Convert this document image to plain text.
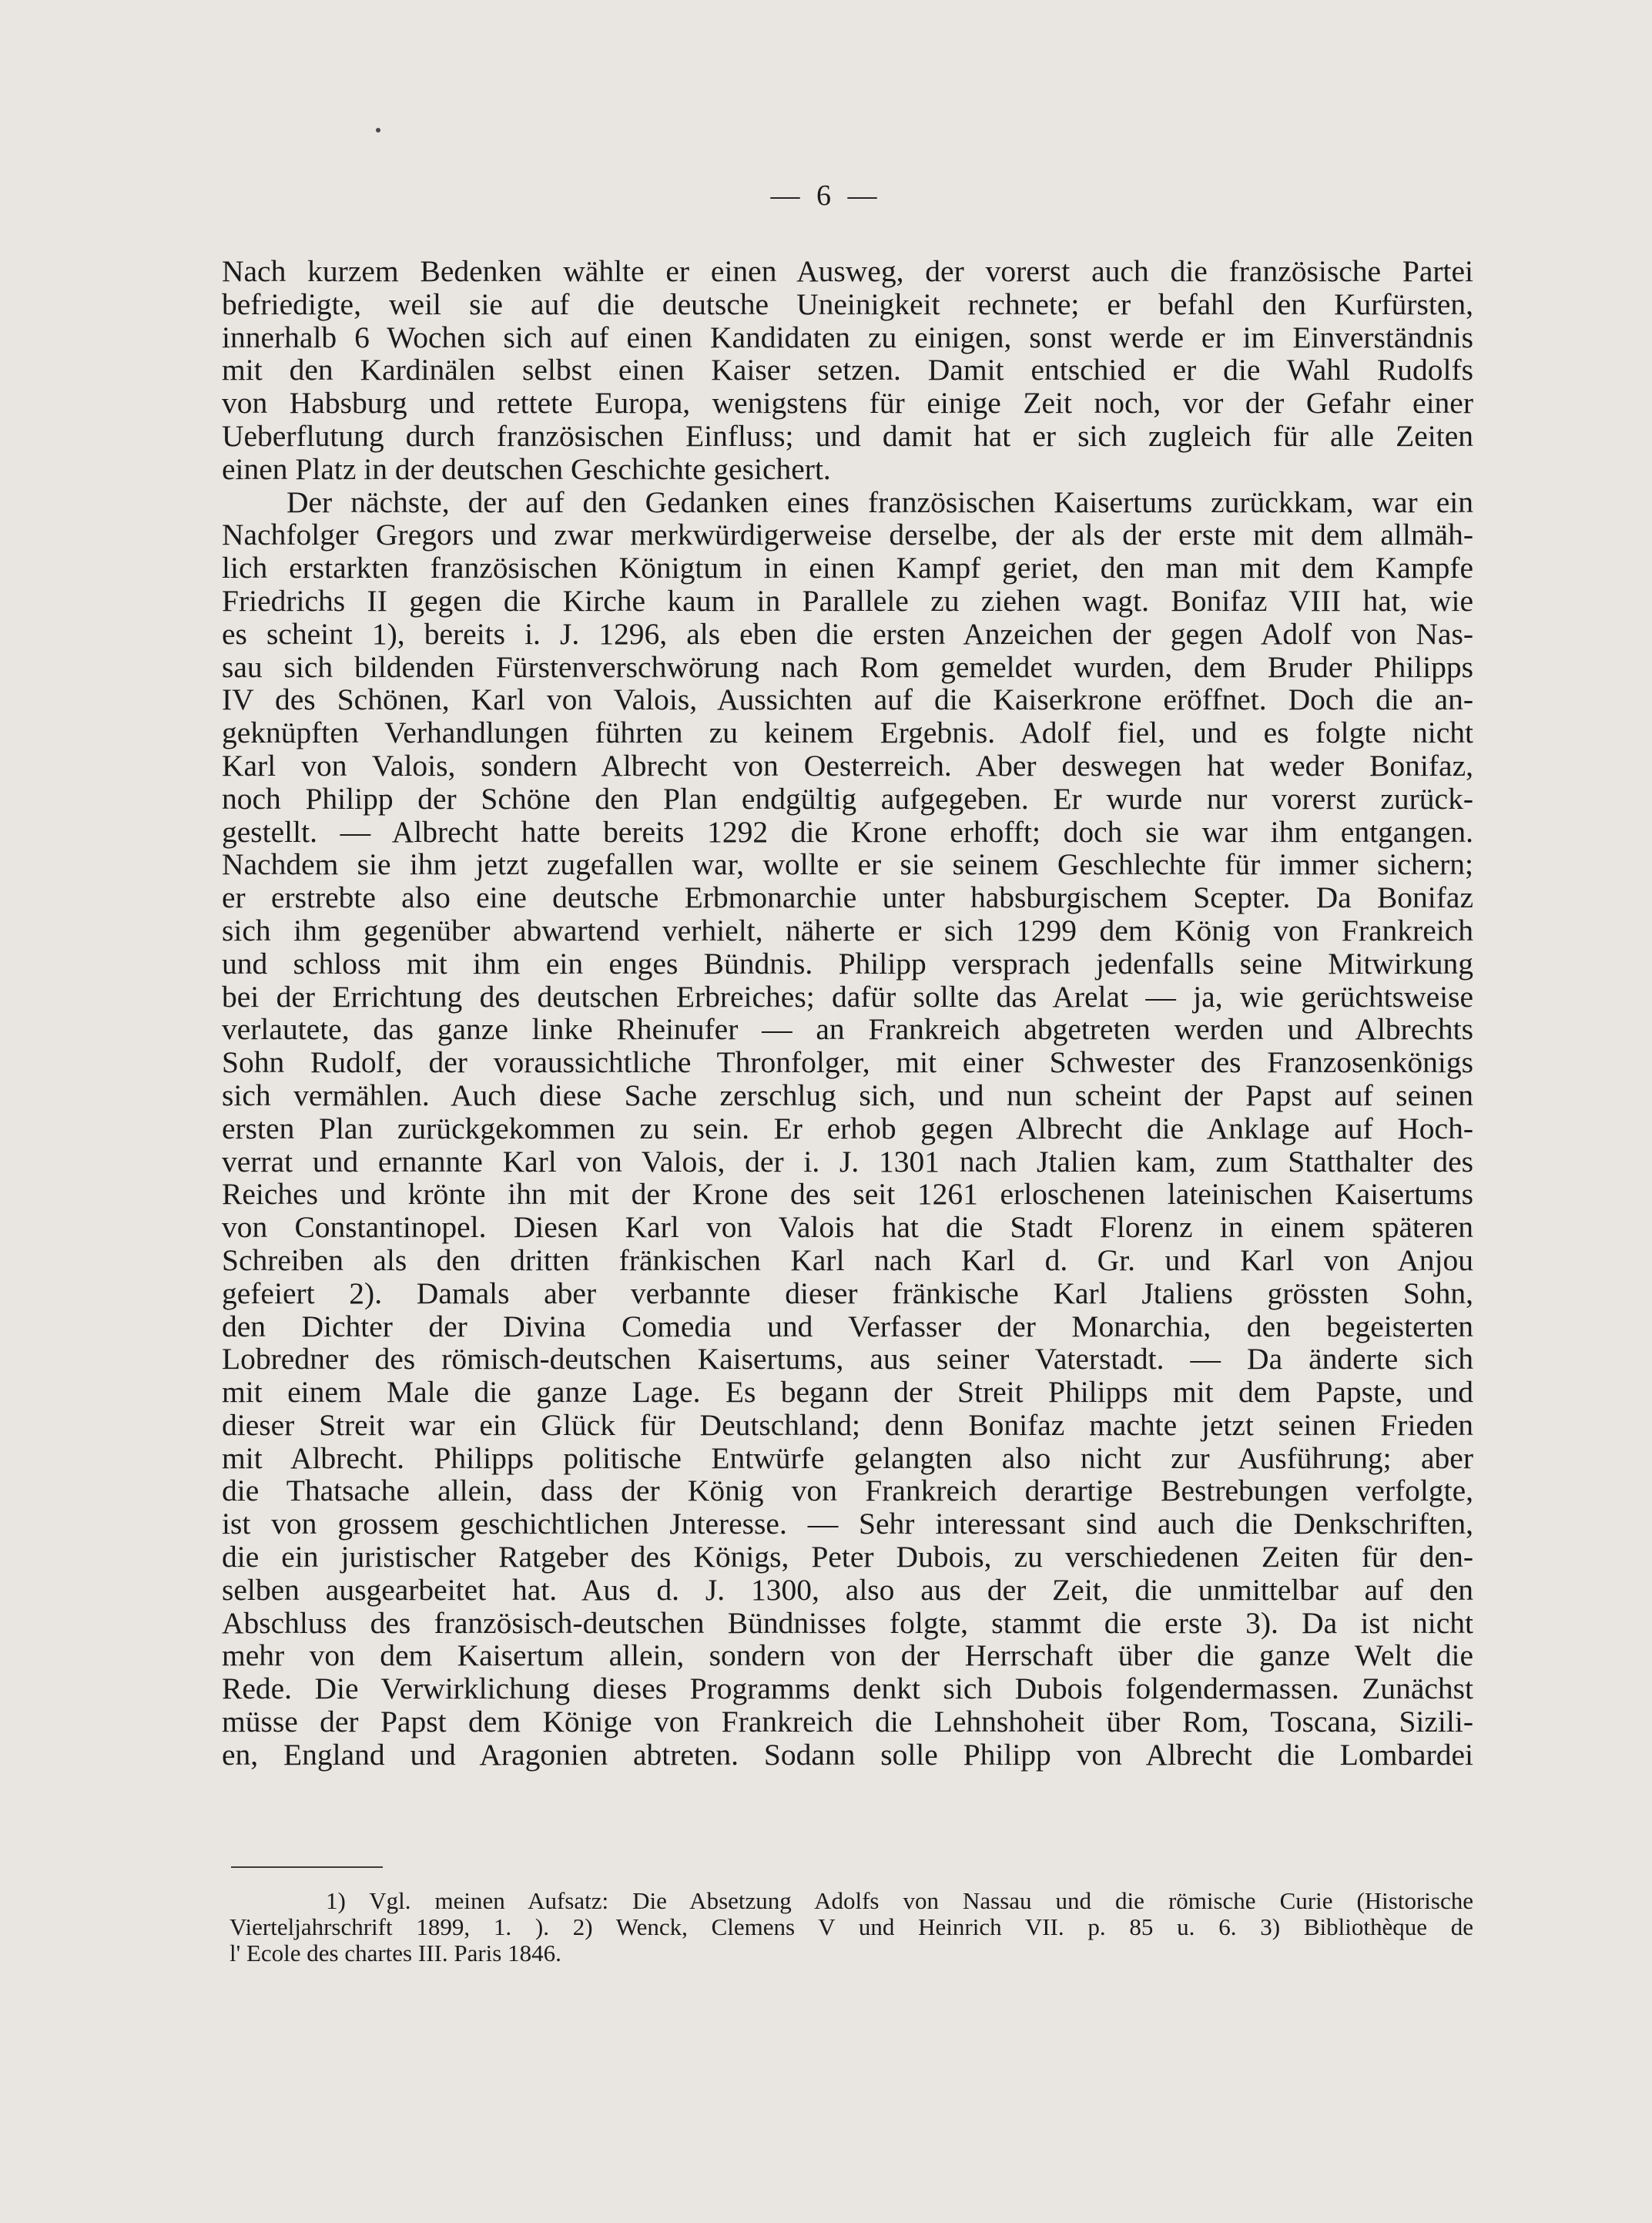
— 6 —
Nach kurzem Bedenken wählte er einen Ausweg, der vorerst auch die französische Partei
befriedigte, weil sie auf die deutsche Uneinigkeit rechnete; er befahl den Kurfürsten,
innerhalb 6 Wochen sich auf einen Kandidaten zu einigen, sonst werde er im Einverständnis
mit den Kardinälen selbst einen Kaiser setzen. Damit entschied er die Wahl Rudolfs
von Habsburg und rettete Europa, wenigstens für einige Zeit noch, vor der Gefahr einer
Ueberflutung durch französischen Einfluss; und damit hat er sich zugleich für alle Zeiten
einen Platz in der deutschen Geschichte gesichert.
Der nächste, der auf den Gedanken eines französischen Kaisertums zurückkam, war ein
Nachfolger Gregors und zwar merkwürdigerweise derselbe, der als der erste mit dem allmäh-
lich erstarkten französischen Königtum in einen Kampf geriet, den man mit dem Kampfe
Friedrichs II gegen die Kirche kaum in Parallele zu ziehen wagt. Bonifaz VIII hat, wie
es scheint 1), bereits i. J. 1296, als eben die ersten Anzeichen der gegen Adolf von Nas-
sau sich bildenden Fürstenverschwörung nach Rom gemeldet wurden, dem Bruder Philipps
IV des Schönen, Karl von Valois, Aussichten auf die Kaiserkrone eröffnet. Doch die an-
geknüpften Verhandlungen führten zu keinem Ergebnis. Adolf fiel, und es folgte nicht
Karl von Valois, sondern Albrecht von Oesterreich. Aber deswegen hat weder Bonifaz,
noch Philipp der Schöne den Plan endgültig aufgegeben. Er wurde nur vorerst zurück-
gestellt. — Albrecht hatte bereits 1292 die Krone erhofft; doch sie war ihm entgangen.
Nachdem sie ihm jetzt zugefallen war, wollte er sie seinem Geschlechte für immer sichern;
er erstrebte also eine deutsche Erbmonarchie unter habsburgischem Scepter. Da Bonifaz
sich ihm gegenüber abwartend verhielt, näherte er sich 1299 dem König von Frankreich
und schloss mit ihm ein enges Bündnis. Philipp versprach jedenfalls seine Mitwirkung
bei der Errichtung des deutschen Erbreiches; dafür sollte das Arelat — ja, wie gerüchtsweise
verlautete, das ganze linke Rheinufer — an Frankreich abgetreten werden und Albrechts
Sohn Rudolf, der voraussichtliche Thronfolger, mit einer Schwester des Franzosenkönigs
sich vermählen. Auch diese Sache zerschlug sich, und nun scheint der Papst auf seinen
ersten Plan zurückgekommen zu sein. Er erhob gegen Albrecht die Anklage auf Hoch-
verrat und ernannte Karl von Valois, der i. J. 1301 nach Jtalien kam, zum Statthalter des
Reiches und krönte ihn mit der Krone des seit 1261 erloschenen lateinischen Kaisertums
von Constantinopel. Diesen Karl von Valois hat die Stadt Florenz in einem späteren
Schreiben als den dritten fränkischen Karl nach Karl d. Gr. und Karl von Anjou
gefeiert 2). Damals aber verbannte dieser fränkische Karl Jtaliens grössten Sohn,
den Dichter der Divina Comedia und Verfasser der Monarchia, den begeisterten
Lobredner des römisch-deutschen Kaisertums, aus seiner Vaterstadt. — Da änderte sich
mit einem Male die ganze Lage. Es begann der Streit Philipps mit dem Papste, und
dieser Streit war ein Glück für Deutschland; denn Bonifaz machte jetzt seinen Frieden
mit Albrecht. Philipps politische Entwürfe gelangten also nicht zur Ausführung; aber
die Thatsache allein, dass der König von Frankreich derartige Bestrebungen verfolgte,
ist von grossem geschichtlichen Jnteresse. — Sehr interessant sind auch die Denkschriften,
die ein juristischer Ratgeber des Königs, Peter Dubois, zu verschiedenen Zeiten für den-
selben ausgearbeitet hat. Aus d. J. 1300, also aus der Zeit, die unmittelbar auf den
Abschluss des französisch-deutschen Bündnisses folgte, stammt die erste 3). Da ist nicht
mehr von dem Kaisertum allein, sondern von der Herrschaft über die ganze Welt die
Rede. Die Verwirklichung dieses Programms denkt sich Dubois folgendermassen. Zunächst
müsse der Papst dem Könige von Frankreich die Lehnshoheit über Rom, Toscana, Sizili-
en, England und Aragonien abtreten. Sodann solle Philipp von Albrecht die Lombardei
1) Vgl. meinen Aufsatz: Die Absetzung Adolfs von Nassau und die römische Curie (Historische
Vierteljahrschrift 1899, 1. ). 2) Wenck, Clemens V und Heinrich VII. p. 85 u. 6. 3) Bibliothèque de
l' Ecole des chartes III. Paris 1846.
